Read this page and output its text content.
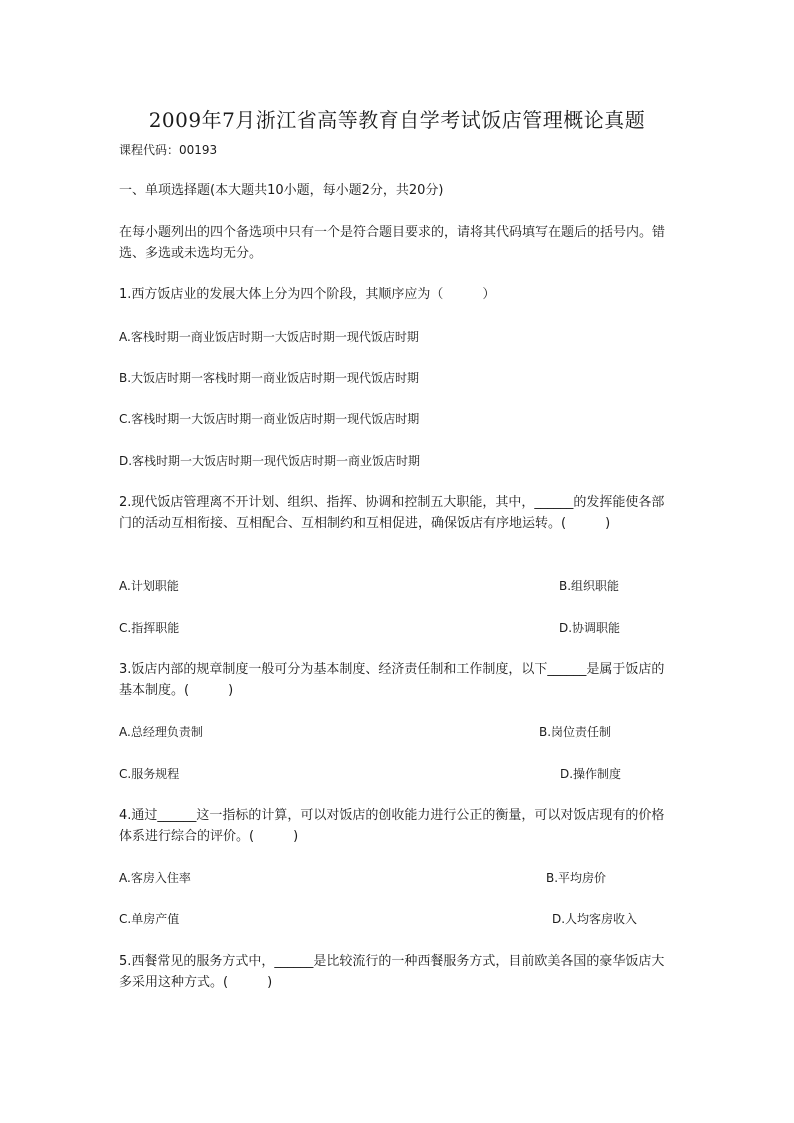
2009年7月浙江省高等教育自学考试饭店管理概论真题
课程代码：00193
一、单项选择题(本大题共10小题，每小题2分，共20分)
在每小题列出的四个备选项中只有一个是符合题目要求的，请将其代码填写在题后的括号内。错选、多选或未选均无分。
1.西方饭店业的发展大体上分为四个阶段，其顺序应为（　　　）
A.客栈时期一商业饭店时期一大饭店时期一现代饭店时期
B.大饭店时期一客栈时期一商业饭店时期一现代饭店时期
C.客栈时期一大饭店时期一商业饭店时期一现代饭店时期
D.客栈时期一大饭店时期一现代饭店时期一商业饭店时期
2.现代饭店管理离不开计划、组织、指挥、协调和控制五大职能，其中，______的发挥能使各部门的活动互相衔接、互相配合、互相制约和互相促进，确保饭店有序地运转。(　　　)
A.计划职能	B.组织职能
C.指挥职能	D.协调职能
3.饭店内部的规章制度一般可分为基本制度、经济责任制和工作制度，以下______是属于饭店的基本制度。(　　　)
A.总经理负责制	B.岗位责任制
C.服务规程	D.操作制度
4.通过______这一指标的计算，可以对饭店的创收能力进行公正的衡量，可以对饭店现有的价格体系进行综合的评价。(　　　)
A.客房入住率	B.平均房价
C.单房产值	D.人均客房收入
5.西餐常见的服务方式中，______是比较流行的一种西餐服务方式，目前欧美各国的豪华饭店大多采用这种方式。(　　　)
